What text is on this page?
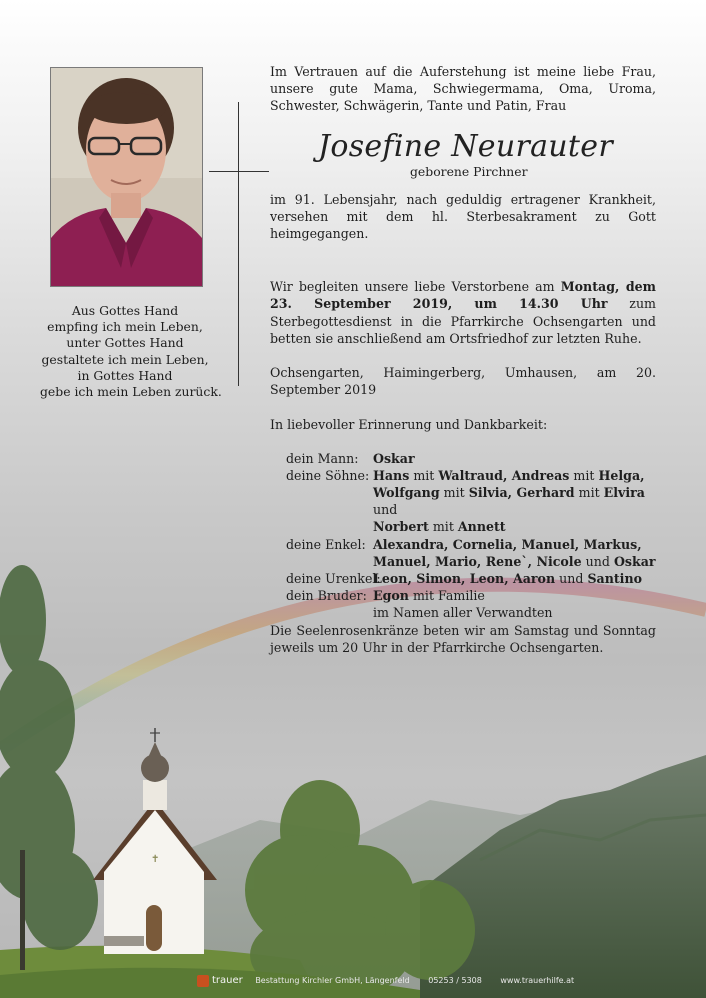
✝
Aus Gottes Hand
empfing ich mein Leben,
unter Gottes Hand
gestaltete ich mein Leben,
in Gottes Hand
gebe ich mein Leben zurück.

Im Vertrauen auf die Auferstehung ist meine liebe Frau, unsere gute Mama, Schwiegermama, Oma, Uroma, Schwester, Schwägerin, Tante und Patin, Frau

Josefine Neurauter
geborene Pirchner

im 91. Lebensjahr, nach geduldig ertragener Krankheit, versehen mit dem hl. Sterbesakrament zu Gott heimgegangen.

Wir begleiten unsere liebe Verstorbene am Montag, dem 23. September 2019, um 14.30 Uhr zum Sterbegottesdienst in die Pfarrkirche Ochsengarten und betten sie anschließend am Ortsfriedhof zur letzten Ruhe.

Ochsengarten, Haimingerberg, Umhausen, am 20. September 2019

In liebevoller Erinnerung und Dankbarkeit:

dein Mann:	Oskar
deine Söhne: Hans mit Waltraud, Andreas mit Helga,
Wolfgang mit Silvia, Gerhard mit Elvira und
Norbert mit Annett
deine Enkel: Alexandra, Cornelia, Manuel, Markus,
Manuel, Mario, Rene`, Nicole und Oskar
deine Urenkel:
Leon, Simon, Leon, Aaron und Santino
dein Bruder: Egon mit Familie
im Namen aller Verwandten

Die Seelenrosenkränze beten wir am Samstag und Sonntag jeweils um 20 Uhr in der Pfarrkirche Ochsengarten.

trauer Bestattung Kirchler GmbH, Längenfeld 05253 / 5308 www.trauerhilfe.at
